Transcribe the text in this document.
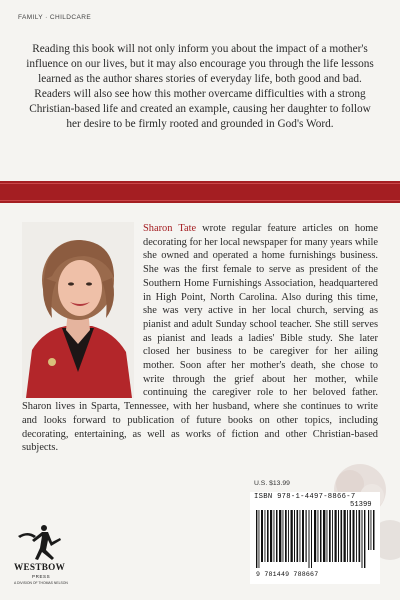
FAMILY · CHILDCARE
Reading this book will not only inform you about the impact of a mother's influence on our lives, but it may also encourage you through the life lessons learned as the author shares stories of everyday life, both good and bad. Readers will also see how this mother overcame difficulties with a strong Christian-based life and created an example, causing her daughter to follow her desire to be firmly rooted and grounded in God's Word.
Sharon Tate wrote regular feature articles on home decorating for her local newspaper for many years while she owned and operated a home furnishings business. She was the first female to serve as president of the Southern Home Furnishings Association, headquartered in High Point, North Carolina. Also during this time, she was very active in her local church, serving as pianist and adult Sunday school teacher. She still serves as pianist and leads a ladies' Bible study. She later closed her business to be caregiver for her ailing mother. Soon after her mother's death, she chose to write through the grief about her mother, while continuing the caregiver role to her beloved father. Sharon lives in Sparta, Tennessee, with her husband, where she continues to write and looks forward to publication of future books on other topics, including decorating, entertaining, as well as works of fiction and other Christian-based subjects.
U.S. $13.99
ISBN 978-1-4497-8866-7
51399
9 781449 788667
WESTBOW
PRESS
A DIVISION OF THOMAS NELSON
